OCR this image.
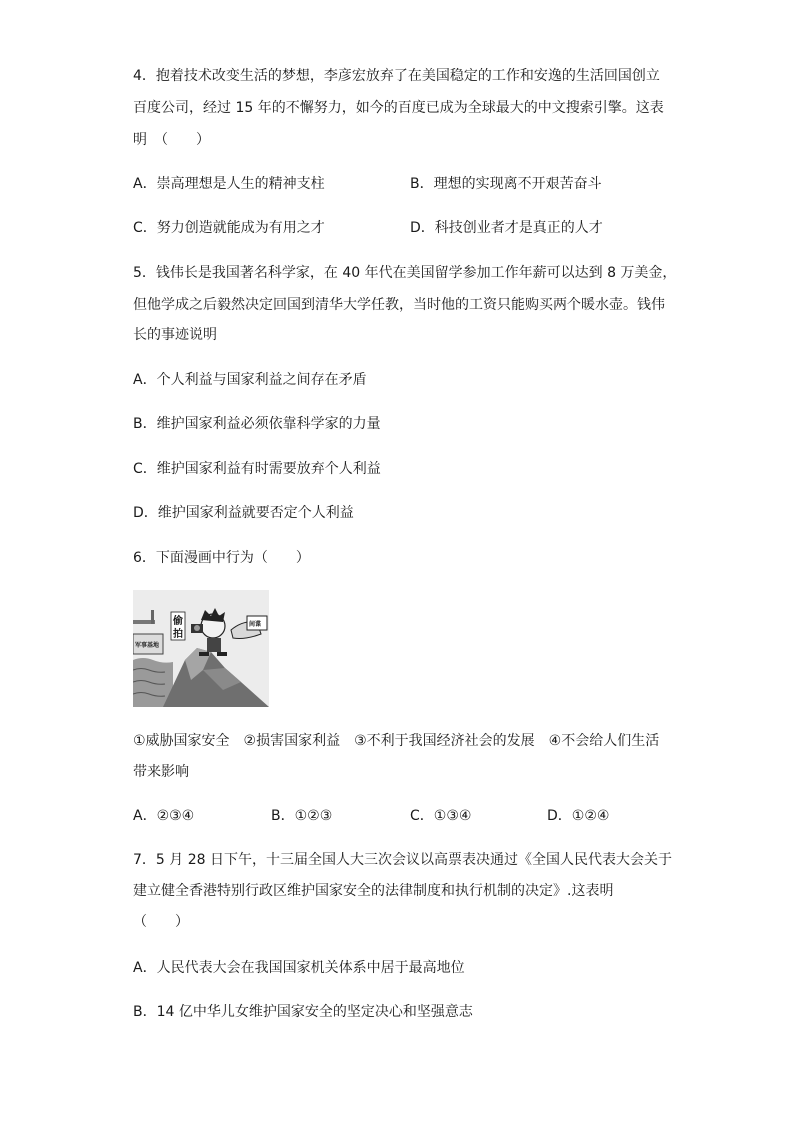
4．抱着技术改变生活的梦想，李彦宏放弃了在美国稳定的工作和安逸的生活回国创立
百度公司，经过 15 年的不懈努力，如今的百度已成为全球最大的中文搜索引擎。这表
明　（　　）
A．崇高理想是人生的精神支柱	B．理想的实现离不开艰苦奋斗
C．努力创造就能成为有用之才	D．科技创业者才是真正的人才
5．钱伟长是我国著名科学家，在 40 年代在美国留学参加工作年薪可以达到 8 万美金，
但他学成之后毅然决定回国到清华大学任教，当时他的工资只能购买两个暖水壶。钱伟
长的事迹说明
A．个人利益与国家利益之间存在矛盾
B．维护国家利益必须依靠科学家的力量
C．维护国家利益有时需要放弃个人利益
D．维护国家利益就要否定个人利益
6．下面漫画中行为（　　）
军事基地
偷
拍
间谍
①威胁国家安全　②损害国家利益　③不利于我国经济社会的发展　④不会给人们生活
带来影响
A．②③④	B．①②③	C．①③④	D．①②④
7．5 月 28 日下午，十三届全国人大三次会议以高票表决通过《全国人民代表大会关于
建立健全香港特别行政区维护国家安全的法律制度和执行机制的决定》.这表明
（　　）
A．人民代表大会在我国国家机关体系中居于最高地位
B．14 亿中华儿女维护国家安全的坚定决心和坚强意志
